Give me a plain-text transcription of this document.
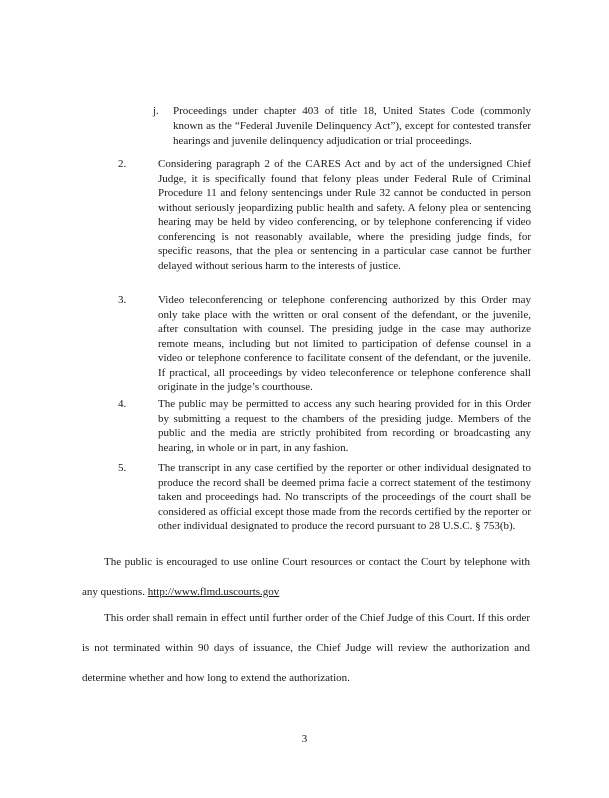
j. Proceedings under chapter 403 of title 18, United States Code (commonly known as the “Federal Juvenile Delinquency Act”), except for contested transfer hearings and juvenile delinquency adjudication or trial proceedings.
2.	Considering paragraph 2 of the CARES Act and by act of the undersigned Chief Judge, it is specifically found that felony pleas under Federal Rule of Criminal Procedure 11 and felony sentencings under Rule 32 cannot be conducted in person without seriously jeopardizing public health and safety. A felony plea or sentencing hearing may be held by video conferencing, or by telephone conferencing if video conferencing is not reasonably available, where the presiding judge finds, for specific reasons, that the plea or sentencing in a particular case cannot be further delayed without serious harm to the interests of justice.
3.	Video teleconferencing or telephone conferencing authorized by this Order may only take place with the written or oral consent of the defendant, or the juvenile, after consultation with counsel. The presiding judge in the case may authorize remote means, including but not limited to participation of defense counsel in a video or telephone conference to facilitate consent of the defendant, or the juvenile. If practical, all proceedings by video teleconference or telephone conference shall originate in the judge’s courthouse.
4.	The public may be permitted to access any such hearing provided for in this Order by submitting a request to the chambers of the presiding judge. Members of the public and the media are strictly prohibited from recording or broadcasting any hearing, in whole or in part, in any fashion.
5.	The transcript in any case certified by the reporter or other individual designated to produce the record shall be deemed prima facie a correct statement of the testimony taken and proceedings had. No transcripts of the proceedings of the court shall be considered as official except those made from the records certified by the reporter or other individual designated to produce the record pursuant to 28 U.S.C. § 753(b).
The public is encouraged to use online Court resources or contact the Court by telephone with any questions. http://www.flmd.uscourts.gov
This order shall remain in effect until further order of the Chief Judge of this Court. If this order is not terminated within 90 days of issuance, the Chief Judge will review the authorization and determine whether and how long to extend the authorization.
3
